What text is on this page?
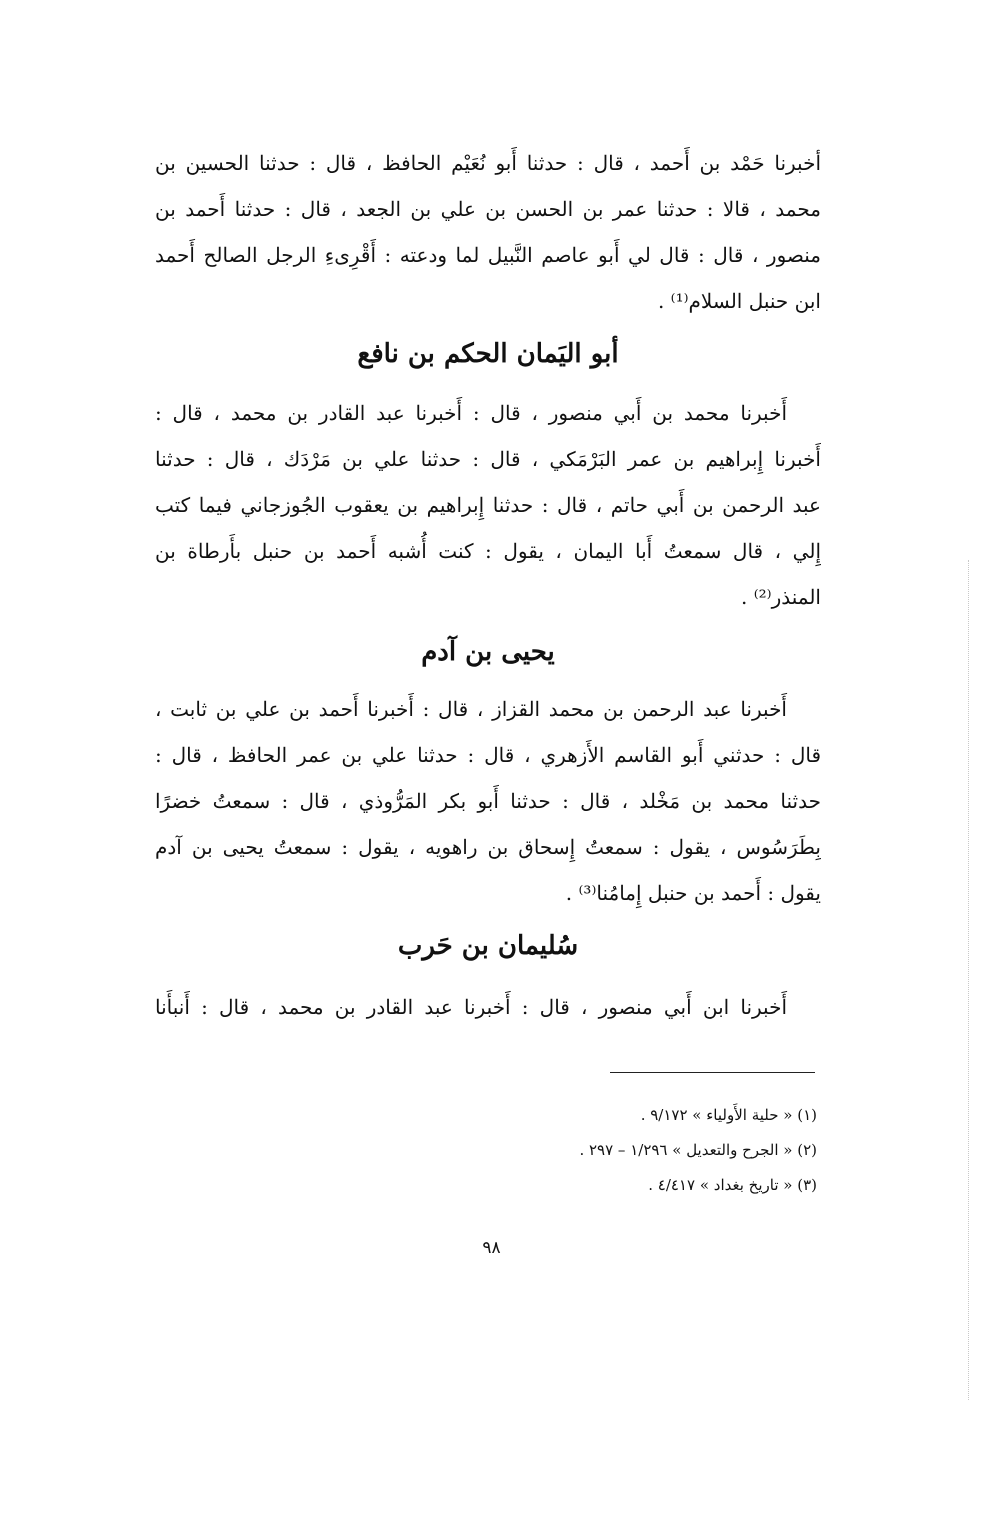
أخبرنا حَمْد بن أَحمد ، قال : حدثنا أَبو نُعَيْم الحافظ ، قال : حدثنا الحسين بن
محمد ، قالا : حدثنا عمر بن الحسن بن علي بن الجعد ، قال : حدثنا أَحمد بن
منصور ، قال : قال لي أَبو عاصم النَّبيل لما ودعته : أَقْرِىءِ الرجل الصالح أَحمد
ابن حنبل السلام⁽¹⁾ .
أبو اليَمان الحكم بن نافع
أَخبرنا محمد بن أَبي منصور ، قال : أَخبرنا عبد القادر بن محمد ، قال :
أَخبرنا إِبراهيم بن عمر البَرْمَكي ، قال : حدثنا علي بن مَرْدَك ، قال : حدثنا
عبد الرحمن بن أَبي حاتم ، قال : حدثنا إِبراهيم بن يعقوب الجُوزجاني فيما كتب
إِلي ، قال سمعتُ أَبا اليمان ، يقول : كنت أُشبه أَحمد بن حنبل بأَرطاة بن
المنذر⁽²⁾ .
يحيى بن آدم
أَخبرنا عبد الرحمن بن محمد القزاز ، قال : أَخبرنا أَحمد بن علي بن ثابت ،
قال : حدثني أَبو القاسم الأَزهري ، قال : حدثنا علي بن عمر الحافظ ، قال :
حدثنا محمد بن مَخْلد ، قال : حدثنا أَبو بكر المَرُّوذي ، قال : سمعتُ خضرًا
بِطَرَسُوس ، يقول : سمعتُ إِسحاق بن راهويه ، يقول : سمعتُ يحيى بن آدم
يقول : أَحمد بن حنبل إِمامُنا⁽³⁾ .
سُليمان بن حَرب
أَخبرنا ابن أَبي منصور ، قال : أَخبرنا عبد القادر بن محمد ، قال : أَنبأَنا
(١) « حلية الأَولياء » ٩/١٧٢ .
(٢) « الجرح والتعديل » ١/٢٩٦ – ٢٩٧ .
(٣) « تاريخ بغداد » ٤/٤١٧ .
٩٨
